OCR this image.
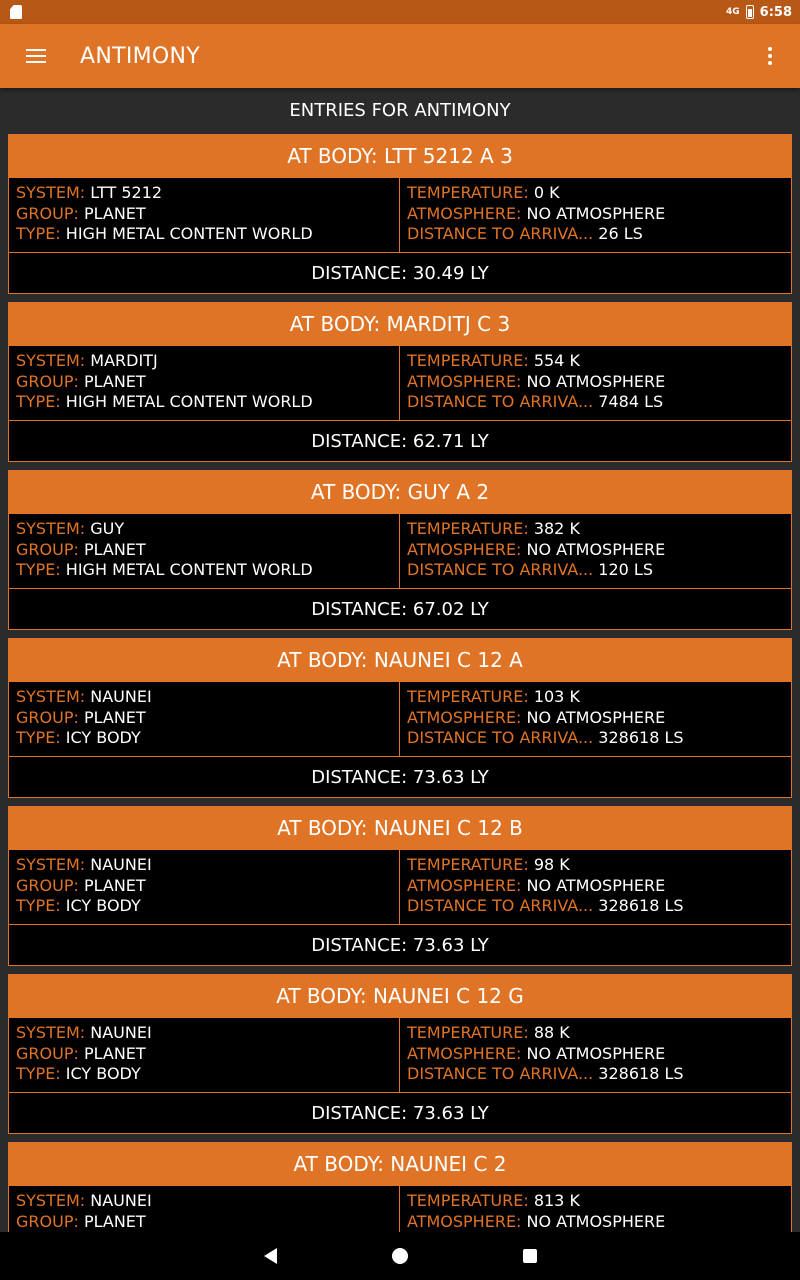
4G 6:58
ANTIMONY
ENTRIES FOR ANTIMONY
AT BODY: LTT 5212 A 3
SYSTEM: LTT 5212
GROUP: PLANET
TYPE: HIGH METAL CONTENT WORLD
TEMPERATURE: 0 K
ATMOSPHERE: NO ATMOSPHERE
DISTANCE TO ARRIVA... 26 LS
DISTANCE: 30.49 LY
AT BODY: MARDITJ C 3
SYSTEM: MARDITJ
GROUP: PLANET
TYPE: HIGH METAL CONTENT WORLD
TEMPERATURE: 554 K
ATMOSPHERE: NO ATMOSPHERE
DISTANCE TO ARRIVA... 7484 LS
DISTANCE: 62.71 LY
AT BODY: GUY A 2
SYSTEM: GUY
GROUP: PLANET
TYPE: HIGH METAL CONTENT WORLD
TEMPERATURE: 382 K
ATMOSPHERE: NO ATMOSPHERE
DISTANCE TO ARRIVA... 120 LS
DISTANCE: 67.02 LY
AT BODY: NAUNEI C 12 A
SYSTEM: NAUNEI
GROUP: PLANET
TYPE: ICY BODY
TEMPERATURE: 103 K
ATMOSPHERE: NO ATMOSPHERE
DISTANCE TO ARRIVA... 328618 LS
DISTANCE: 73.63 LY
AT BODY: NAUNEI C 12 B
SYSTEM: NAUNEI
GROUP: PLANET
TYPE: ICY BODY
TEMPERATURE: 98 K
ATMOSPHERE: NO ATMOSPHERE
DISTANCE TO ARRIVA... 328618 LS
DISTANCE: 73.63 LY
AT BODY: NAUNEI C 12 G
SYSTEM: NAUNEI
GROUP: PLANET
TYPE: ICY BODY
TEMPERATURE: 88 K
ATMOSPHERE: NO ATMOSPHERE
DISTANCE TO ARRIVA... 328618 LS
DISTANCE: 73.63 LY
AT BODY: NAUNEI C 2
SYSTEM: NAUNEI
GROUP: PLANET
TEMPERATURE: 813 K
ATMOSPHERE: NO ATMOSPHERE
